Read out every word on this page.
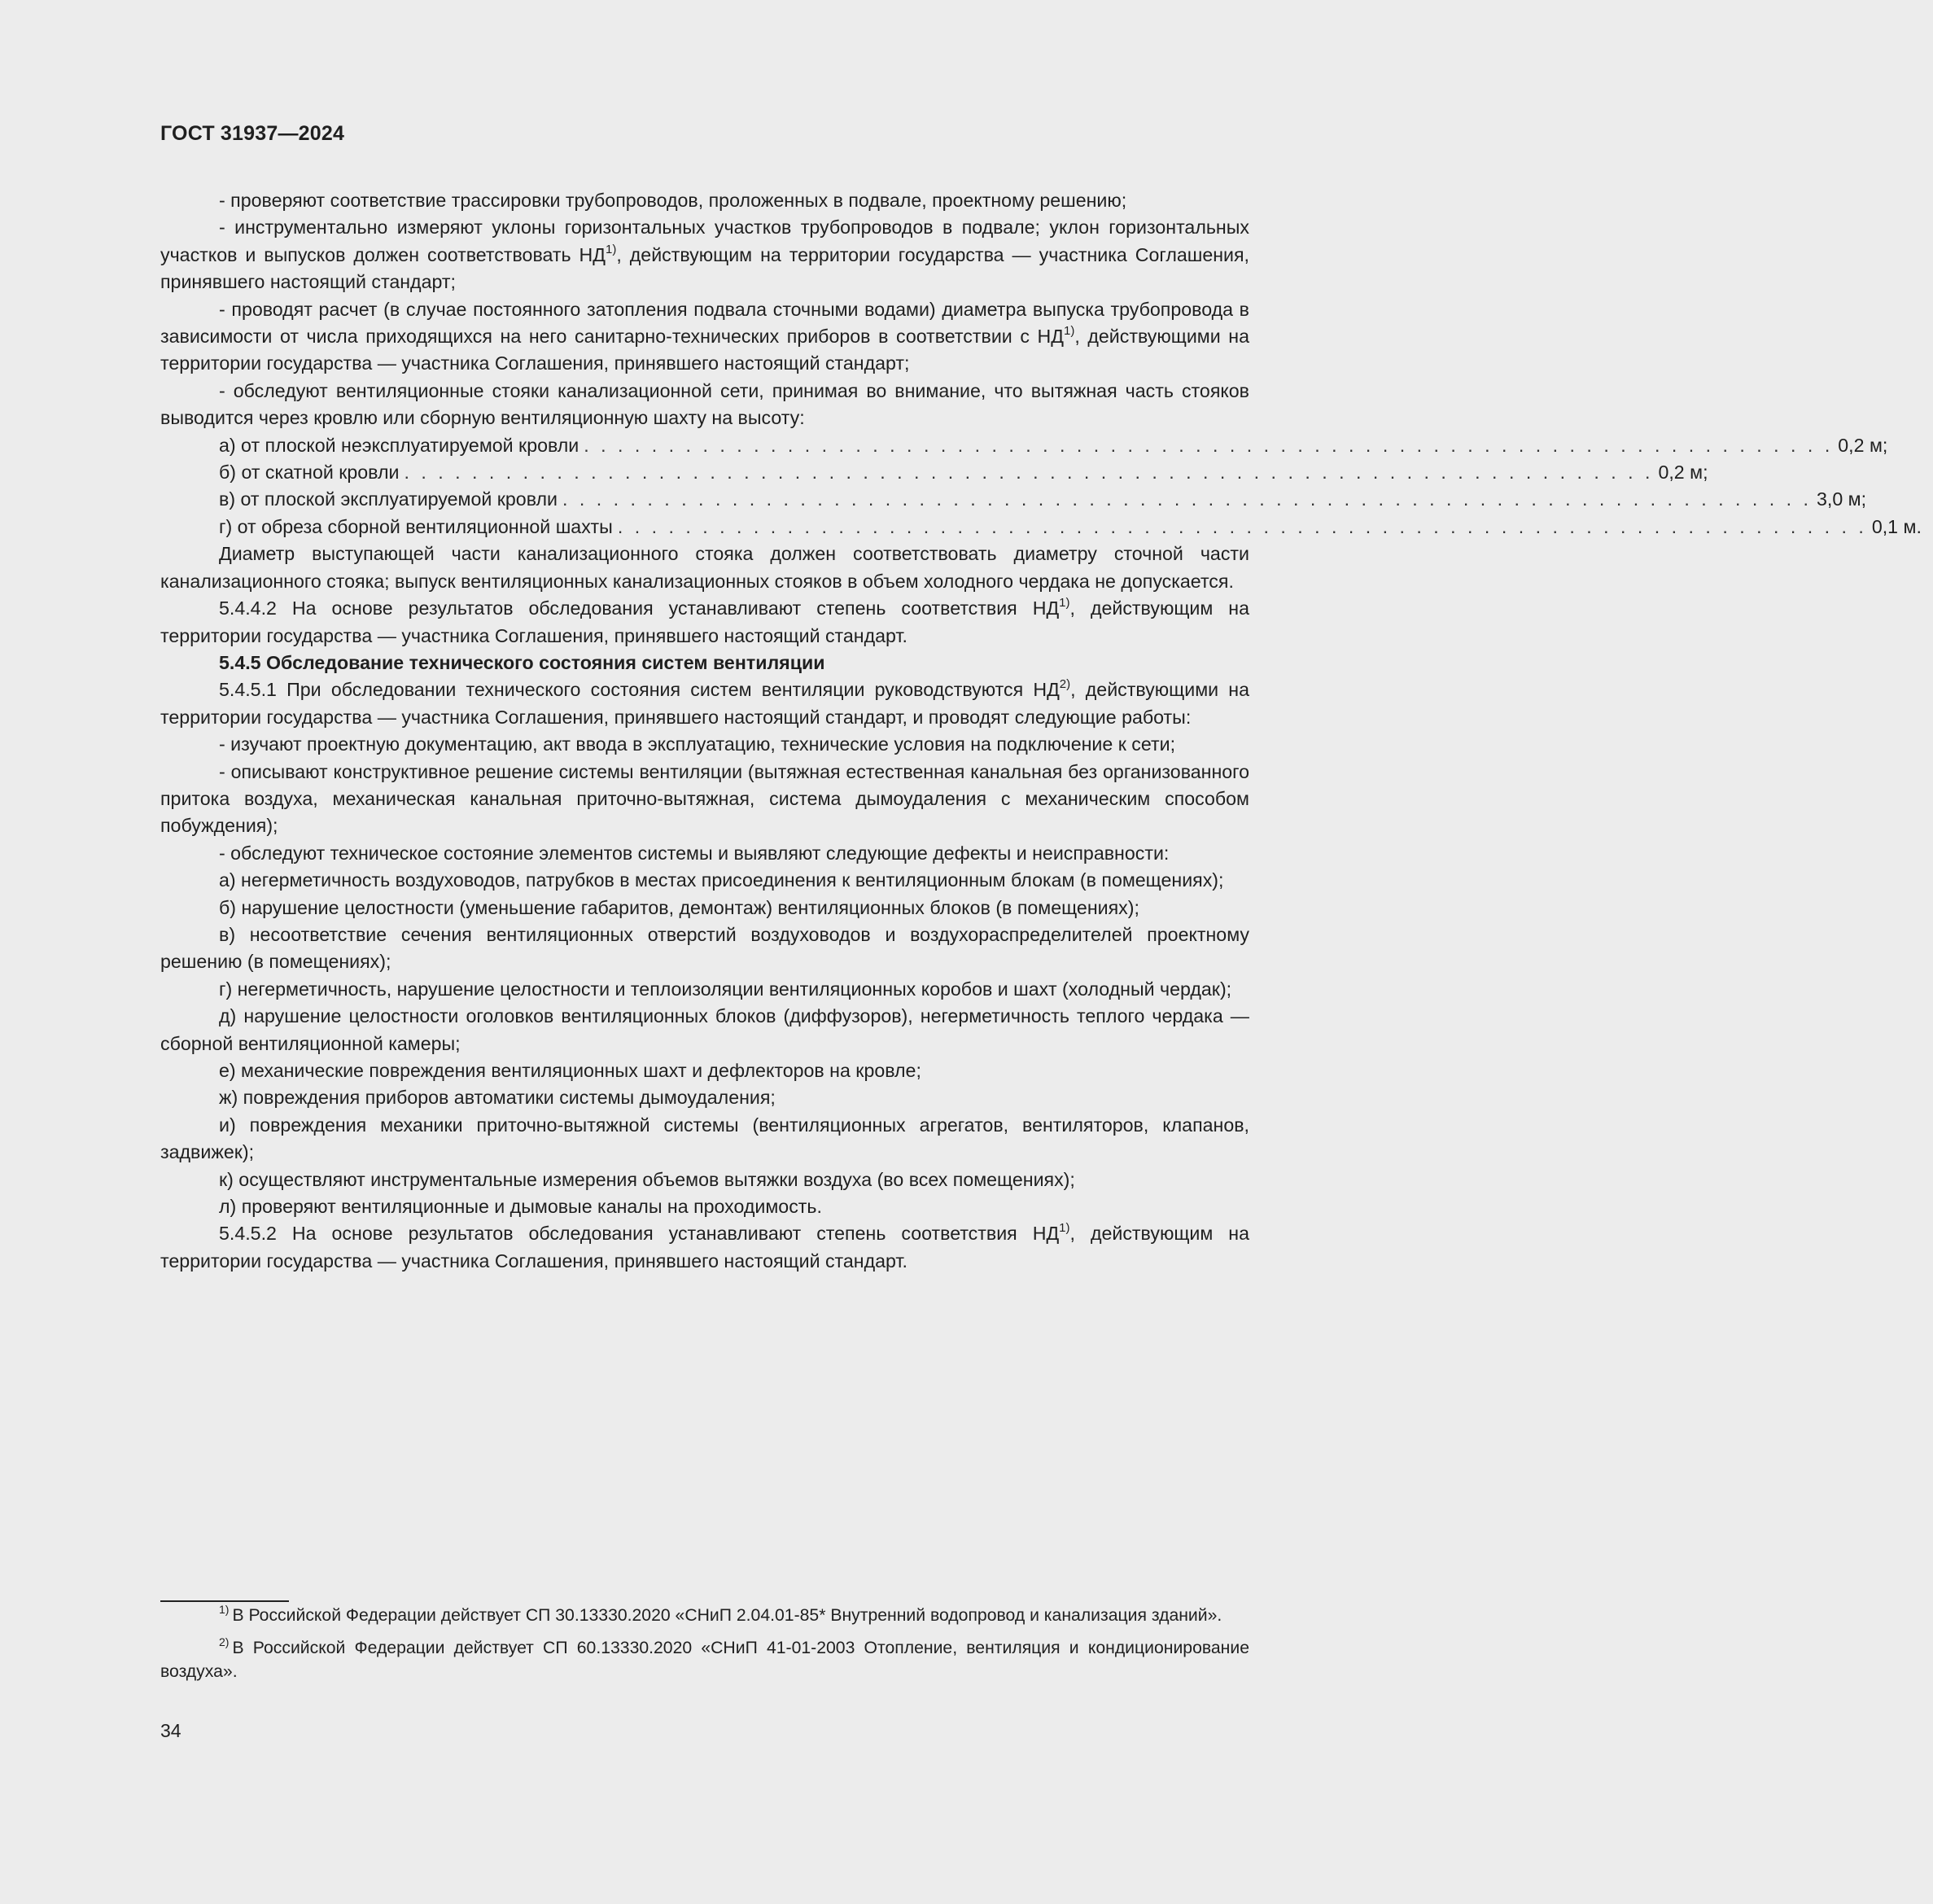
ГОСТ 31937—2024

- проверяют соответствие трассировки трубопроводов, проложенных в подвале, проектному решению;

- инструментально измеряют уклоны горизонтальных участков трубопроводов в подвале; уклон горизонтальных участков и выпусков должен соответствовать НД$^{1)}$, действующим на территории государства — участника Соглашения, принявшего настоящий стандарт;

- проводят расчет (в случае постоянного затопления подвала сточными водами) диаметра выпуска трубопровода в зависимости от числа приходящихся на него санитарно-технических приборов в соответствии с НД$^{1)}$, действующими на территории государства — участника Соглашения, принявшего настоящий стандарт;

- обследуют вентиляционные стояки канализационной сети, принимая во внимание, что вытяжная часть стояков выводится через кровлю или сборную вентиляционную шахту на высоту:

а) от плоской неэксплуатируемой кровли . . . . . . . . . . . . . . . . . . . . . . . . . . . . . . . . . . . . . . . . . . . . . . . . . . . . . . . . . . . . . . . . . . . . . . . . . . 0,2 м;
б) от скатной кровли . . . . . . . . . . . . . . . . . . . . . . . . . . . . . . . . . . . . . . . . . . . . . . . . . . . . . . . . . . . . . . . . . . . . . . . . . . 0,2 м;
в) от плоской эксплуатируемой кровли . . . . . . . . . . . . . . . . . . . . . . . . . . . . . . . . . . . . . . . . . . . . . . . . . . . . . . . . . . . . . . . . . . . . . . . . . . 3,0 м;
г) от обреза сборной вентиляционной шахты . . . . . . . . . . . . . . . . . . . . . . . . . . . . . . . . . . . . . . . . . . . . . . . . . . . . . . . . . . . . . . . . . . . . . . . . . . 0,1 м.

Диаметр выступающей части канализационного стояка должен соответствовать диаметру сточной части канализационного стояка; выпуск вентиляционных канализационных стояков в объем холодного чердака не допускается.

5.4.4.2 На основе результатов обследования устанавливают степень соответствия НД$^{1)}$, действующим на территории государства — участника Соглашения, принявшего настоящий стандарт.

5.4.5 Обследование технического состояния систем вентиляции

5.4.5.1 При обследовании технического состояния систем вентиляции руководствуются НД$^{2)}$, действующими на территории государства — участника Соглашения, принявшего настоящий стандарт, и проводят следующие работы:

- изучают проектную документацию, акт ввода в эксплуатацию, технические условия на подключение к сети;

- описывают конструктивное решение системы вентиляции (вытяжная естественная канальная без организованного притока воздуха, механическая канальная приточно-вытяжная, система дымоудаления с механическим способом побуждения);

- обследуют техническое состояние элементов системы и выявляют следующие дефекты и неисправности:

а) негерметичность воздуховодов, патрубков в местах присоединения к вентиляционным блокам (в помещениях);

б) нарушение целостности (уменьшение габаритов, демонтаж) вентиляционных блоков (в помещениях);

в) несоответствие сечения вентиляционных отверстий воздуховодов и воздухораспределителей проектному решению (в помещениях);

г) негерметичность, нарушение целостности и теплоизоляции вентиляционных коробов и шахт (холодный чердак);

д) нарушение целостности оголовков вентиляционных блоков (диффузоров), негерметичность теплого чердака — сборной вентиляционной камеры;

е) механические повреждения вентиляционных шахт и дефлекторов на кровле;

ж) повреждения приборов автоматики системы дымоудаления;

и) повреждения механики приточно-вытяжной системы (вентиляционных агрегатов, вентиляторов, клапанов, задвижек);

к) осуществляют инструментальные измерения объемов вытяжки воздуха (во всех помещениях);

л) проверяют вентиляционные и дымовые каналы на проходимость.

5.4.5.2 На основе результатов обследования устанавливают степень соответствия НД$^{1)}$, действующим на территории государства — участника Соглашения, принявшего настоящий стандарт.

$^{1)}$ В Российской Федерации действует СП 30.13330.2020 «СНиП 2.04.01-85* Внутренний водопровод и канализация зданий».

$^{2)}$ В Российской Федерации действует СП 60.13330.2020 «СНиП 41-01-2003 Отопление, вентиляция и кондиционирование воздуха».

34
